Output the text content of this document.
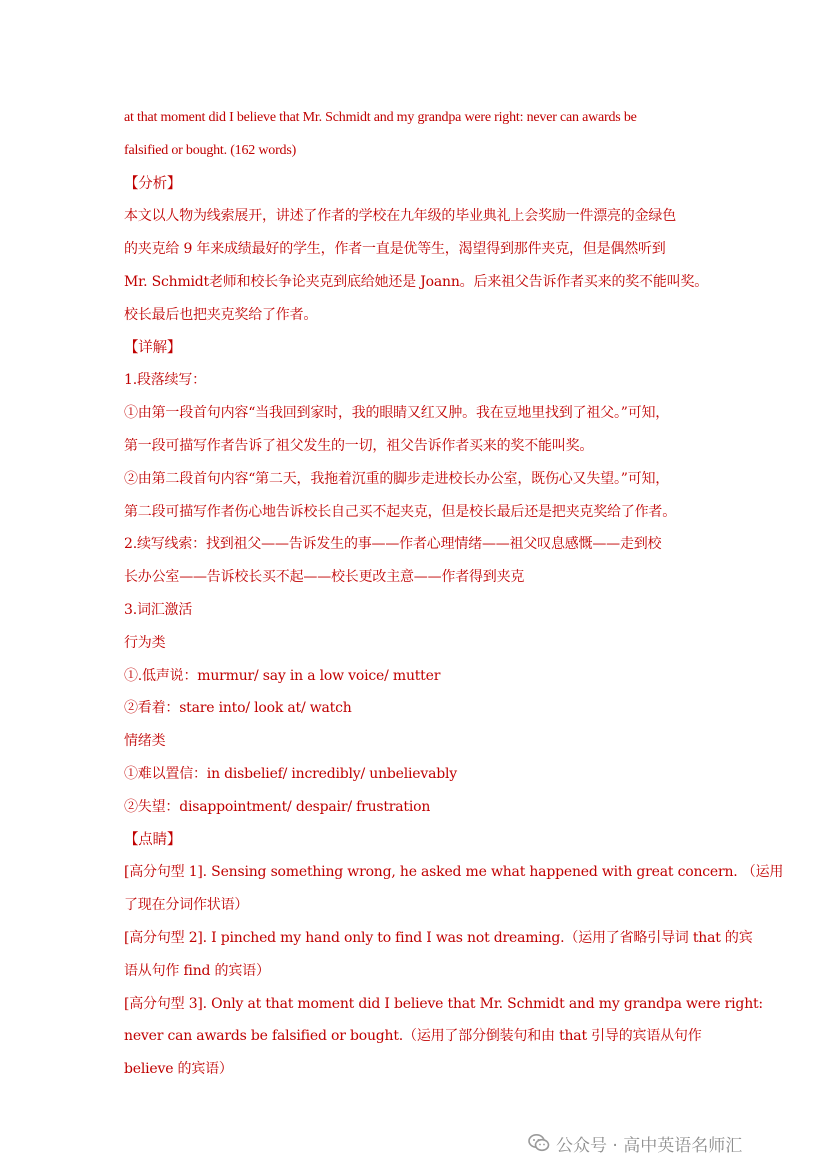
at that moment did I believe that Mr. Schmidt and my grandpa were right: never can awards be
falsified or bought. (162 words)
【分析】
本文以人物为线索展开，讲述了作者的学校在九年级的毕业典礼上会奖励一件漂亮的金绿色
的夹克给 9 年来成绩最好的学生，作者一直是优等生，渴望得到那件夹克，但是偶然听到
Mr. Schmidt老师和校长争论夹克到底给她还是 Joann。后来祖父告诉作者买来的奖不能叫奖。
校长最后也把夹克奖给了作者。
【详解】
1.段落续写：
①由第一段首句内容“当我回到家时，我的眼睛又红又肿。我在豆地里找到了祖父。”可知，
第一段可描写作者告诉了祖父发生的一切，祖父告诉作者买来的奖不能叫奖。
②由第二段首句内容“第二天，我拖着沉重的脚步走进校长办公室，既伤心又失望。”可知，
第二段可描写作者伤心地告诉校长自己买不起夹克，但是校长最后还是把夹克奖给了作者。
2.续写线索：找到祖父——告诉发生的事——作者心理情绪——祖父叹息感慨——走到校
长办公室——告诉校长买不起——校长更改主意——作者得到夹克
3.词汇激活
行为类
①.低声说：murmur/ say in a low voice/ mutter
②看着：stare into/ look at/ watch
情绪类
①难以置信：in disbelief/ incredibly/ unbelievably
②失望：disappointment/ despair/ frustration
【点睛】
[高分句型 1]. Sensing something wrong, he asked me what happened with great concern. （运用
了现在分词作状语）
[高分句型 2]. I pinched my hand only to find I was not dreaming.（运用了省略引导词 that 的宾
语从句作 find 的宾语）
[高分句型 3]. Only at that moment did I believe that Mr. Schmidt and my grandpa were right:
never can awards be falsified or bought.（运用了部分倒装句和由 that 引导的宾语从句作
believe 的宾语）
公众号 · 高中英语名师汇
